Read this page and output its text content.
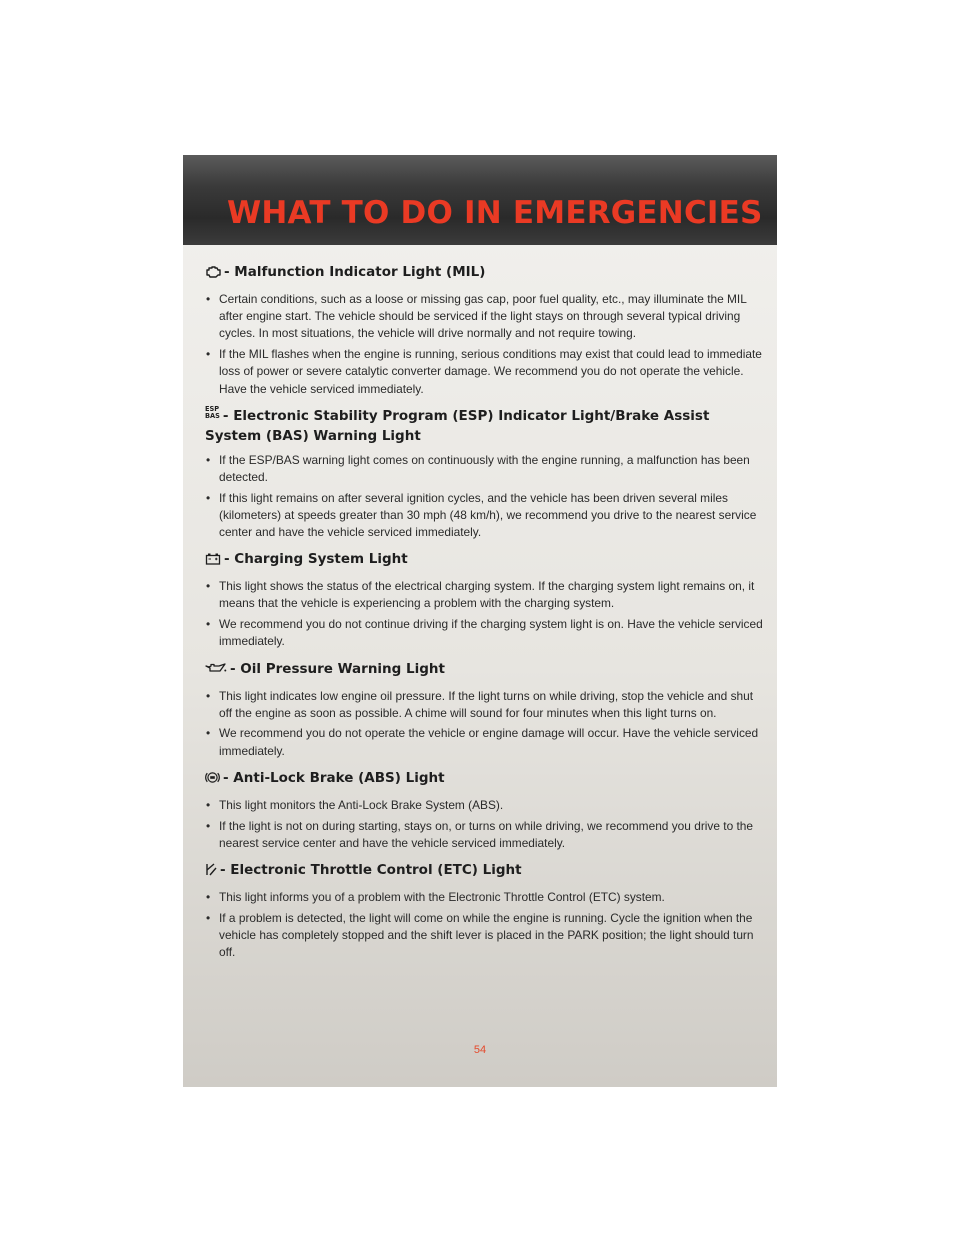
WHAT TO DO IN EMERGENCIES
- Malfunction Indicator Light (MIL)
• Certain conditions, such as a loose or missing gas cap, poor fuel quality, etc., may illuminate the MIL after engine start. The vehicle should be serviced if the light stays on through several typical driving cycles. In most situations, the vehicle will drive normally and not require towing.
• If the MIL flashes when the engine is running, serious conditions may exist that could lead to immediate loss of power or severe catalytic converter damage. We recommend you do not operate the vehicle. Have the vehicle serviced immediately.
ESP
BAS - Electronic Stability Program (ESP) Indicator Light/Brake Assist
System (BAS) Warning Light
• If the ESP/BAS warning light comes on continuously with the engine running, a malfunction has been detected.
• If this light remains on after several ignition cycles, and the vehicle has been driven several miles (kilometers) at speeds greater than 30 mph (48 km/h), we recommend you drive to the nearest service center and have the vehicle serviced immediately.
- Charging System Light
• This light shows the status of the electrical charging system. If the charging system light remains on, it means that the vehicle is experiencing a problem with the charging system.
• We recommend you do not continue driving if the charging system light is on. Have the vehicle serviced immediately.
- Oil Pressure Warning Light
• This light indicates low engine oil pressure. If the light turns on while driving, stop the vehicle and shut off the engine as soon as possible. A chime will sound for four minutes when this light turns on.
• We recommend you do not operate the vehicle or engine damage will occur. Have the vehicle serviced immediately.
- Anti-Lock Brake (ABS) Light
• This light monitors the Anti-Lock Brake System (ABS).
• If the light is not on during starting, stays on, or turns on while driving, we recommend you drive to the nearest service center and have the vehicle serviced immediately.
- Electronic Throttle Control (ETC) Light
• This light informs you of a problem with the Electronic Throttle Control (ETC) system.
• If a problem is detected, the light will come on while the engine is running. Cycle the ignition when the vehicle has completely stopped and the shift lever is placed in the PARK position; the light should turn off.
54
